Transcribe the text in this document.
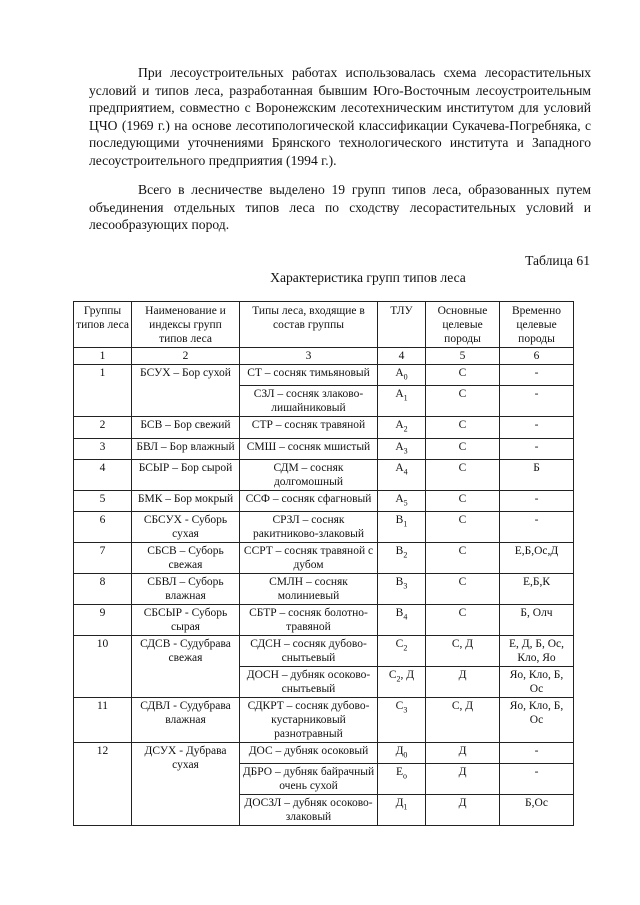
При лесоустроительных работах использовалась схема лесорастительных условий и типов леса, разработанная бывшим Юго-Восточным лесоустроительным предприятием, совместно с Воронежским лесотехническим институтом для условий ЦЧО (1969 г.) на основе лесотипологической классификации Сукачева-Погребняка, с последующими уточнениями Брянского технологического института и Западного лесоустроительного предприятия (1994 г.).

Всего в лесничестве выделено 19 групп типов леса, образованных путем объединения отдельных типов леса по сходству лесорастительных условий и лесообразующих пород.

Таблица 61
Характеристика групп типов леса
Группы типов леса	Наименование и индексы групп типов леса	Типы леса, входящие в состав группы	ТЛУ	Основные целевые породы	Временно целевые породы
1	2	3	4	5	6
1	БСУХ – Бор сухой	СТ – сосняк тимьяновый	$А_0$	С	-
		СЗЛ – сосняк злаково-лишайниковый	$А_1$	С	-
2	БСВ – Бор свежий	СТР – сосняк травяной	$А_2$	С	-
3	БВЛ – Бор влажный	СМШ – сосняк мшистый	$А_3$	С	-
4	БСЫР – Бор сырой	СДМ – сосняк долгомошный	$А_4$	С	Б
5	БМК – Бор мокрый	ССФ – сосняк сфагновый	$А_5$	С	-
6	СБСУХ - Суборь сухая	СРЗЛ – сосняк ракитниково-злаковый	$В_1$	С	-
7	СБСВ – Суборь свежая	ССРТ – сосняк травяной с дубом	$В_2$	С	Е,Б,Ос,Д
8	СБВЛ – Суборь влажная	СМЛН – сосняк молиниевый	$В_3$	С	Е,Б,К
9	СБСЫР - Суборь сырая	СБТР – сосняк болотно-травяной	$В_4$	С	Б, Олч
10	СДСВ - Судубрава свежая	СДСН – сосняк дубово-снытьевый	$С_2$	С, Д	Е, Д, Б, Ос, Кло, Яо
		ДОСН – дубняк осоково-снытьевый	$С_2$, Д	Д	Яо, Кло, Б, Ос
11	СДВЛ - Судубрава влажная	СДКРТ – сосняк дубово-кустарниковый разнотравный	$С_3$	С, Д	Яо, Кло, Б, Ос
12	ДСУХ - Дубрава сухая	ДОС – дубняк осоковый	$Д_0$	Д	-
		ДБРО – дубняк байрачный очень сухой	$Е_о$	Д	-
		ДОСЗЛ – дубняк осоково-злаковый	$Д_1$	Д	Б,Ос
